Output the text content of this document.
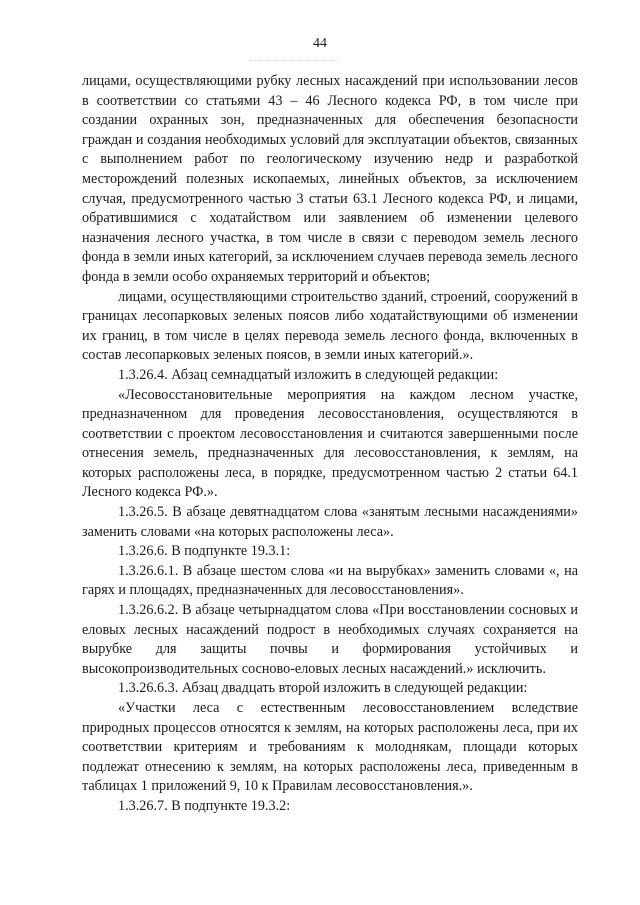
44

лицами, осуществляющими рубку лесных насаждений при использовании лесов в соответствии со статьями 43 – 46 Лесного кодекса РФ, в том числе при создании охранных зон, предназначенных для обеспечения безопасности граждан и создания необходимых условий для эксплуатации объектов, связанных с выполнением работ по геологическому изучению недр и разработкой месторождений полезных ископаемых, линейных объектов, за исключением случая, предусмотренного частью 3 статьи 63.1 Лесного кодекса РФ, и лицами, обратившимися с ходатайством или заявлением об изменении целевого назначения лесного участка, в том числе в связи с переводом земель лесного фонда в земли иных категорий, за исключением случаев перевода земель лесного фонда в земли особо охраняемых территорий и объектов;

лицами, осуществляющими строительство зданий, строений, сооружений в границах лесопарковых зеленых поясов либо ходатайствующими об изменении их границ, в том числе в целях перевода земель лесного фонда, включенных в состав лесопарковых зеленых поясов, в земли иных категорий.».

1.3.26.4. Абзац семнадцатый изложить в следующей редакции:

«Лесовосстановительные мероприятия на каждом лесном участке, предназначенном для проведения лесовосстановления, осуществляются в соответствии с проектом лесовосстановления и считаются завершенными после отнесения земель, предназначенных для лесовосстановления, к землям, на которых расположены леса, в порядке, предусмотренном частью 2 статьи 64.1 Лесного кодекса РФ.».

1.3.26.5. В абзаце девятнадцатом слова «занятым лесными насаждениями» заменить словами «на которых расположены леса».

1.3.26.6. В подпункте 19.3.1:

1.3.26.6.1. В абзаце шестом слова «и на вырубках» заменить словами «, на гарях и площадях, предназначенных для лесовосстановления».

1.3.26.6.2. В абзаце четырнадцатом слова «При восстановлении сосновых и еловых лесных насаждений подрост в необходимых случаях сохраняется на вырубке для защиты почвы и формирования устойчивых и высокопроизводительных сосново-еловых лесных насаждений.» исключить.

1.3.26.6.3. Абзац двадцать второй изложить в следующей редакции:

«Участки леса с естественным лесовосстановлением вследствие природных процессов относятся к землям, на которых расположены леса, при их соответствии критериям и требованиям к молоднякам, площади которых подлежат отнесению к землям, на которых расположены леса, приведенным в таблицах 1 приложений 9, 10 к Правилам лесовосстановления.».

1.3.26.7. В подпункте 19.3.2:
